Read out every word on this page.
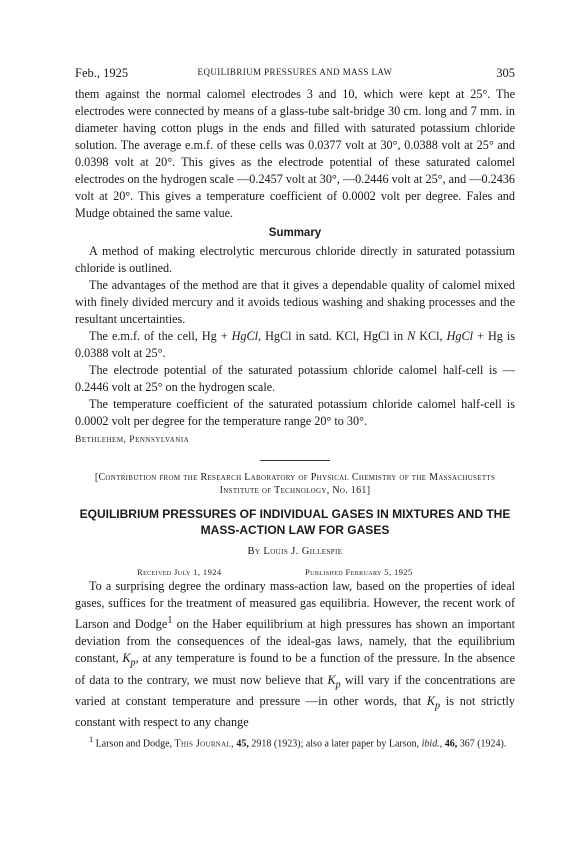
Feb., 1925	EQUILIBRIUM PRESSURES AND MASS LAW	305

them against the normal calomel electrodes 3 and 10, which were kept at 25°. The electrodes were connected by means of a glass-tube salt-bridge 30 cm. long and 7 mm. in diameter having cotton plugs in the ends and filled with saturated potassium chloride solution. The average e.m.f. of these cells was 0.0377 volt at 30°, 0.0388 volt at 25° and 0.0398 volt at 20°. This gives as the electrode potential of these saturated calomel electrodes on the hydrogen scale —0.2457 volt at 30°, —0.2446 volt at 25°, and —0.2436 volt at 20°. This gives a temperature coefficient of 0.0002 volt per degree. Fales and Mudge obtained the same value.

Summary

A method of making electrolytic mercurous chloride directly in saturated potassium chloride is outlined.

The advantages of the method are that it gives a dependable quality of calomel mixed with finely divided mercury and it avoids tedious washing and shaking processes and the resultant uncertainties.

The e.m.f. of the cell, Hg + HgCl, HgCl in satd. KCl, HgCl in N KCl, HgCl + Hg is 0.0388 volt at 25°.

The electrode potential of the saturated potassium chloride calomel half-cell is —0.2446 volt at 25° on the hydrogen scale.

The temperature coefficient of the saturated potassium chloride calomel half-cell is 0.0002 volt per degree for the temperature range 20° to 30°.

Bethlehem, Pennsylvania

[Contribution from the Research Laboratory of Physical Chemistry of the Massachusetts Institute of Technology, No. 161]
EQUILIBRIUM PRESSURES OF INDIVIDUAL GASES IN MIXTURES AND THE MASS-ACTION LAW FOR GASES
By Louis J. Gillespie
Received July 1, 1924	Published February 5, 1925

To a surprising degree the ordinary mass-action law, based on the properties of ideal gases, suffices for the treatment of measured gas equilibria. However, the recent work of Larson and Dodge$^1$ on the Haber equilibrium at high pressures has shown an important deviation from the consequences of the ideal-gas laws, namely, that the equilibrium constant, $K_p$, at any temperature is found to be a function of the pressure. In the absence of data to the contrary, we must now believe that $K_p$ will vary if the concentrations are varied at constant temperature and pressure —in other words, that $K_p$ is not strictly constant with respect to any change

$^1$ Larson and Dodge, This Journal, 45, 2918 (1923); also a later paper by Larson, ibid., 46, 367 (1924).
